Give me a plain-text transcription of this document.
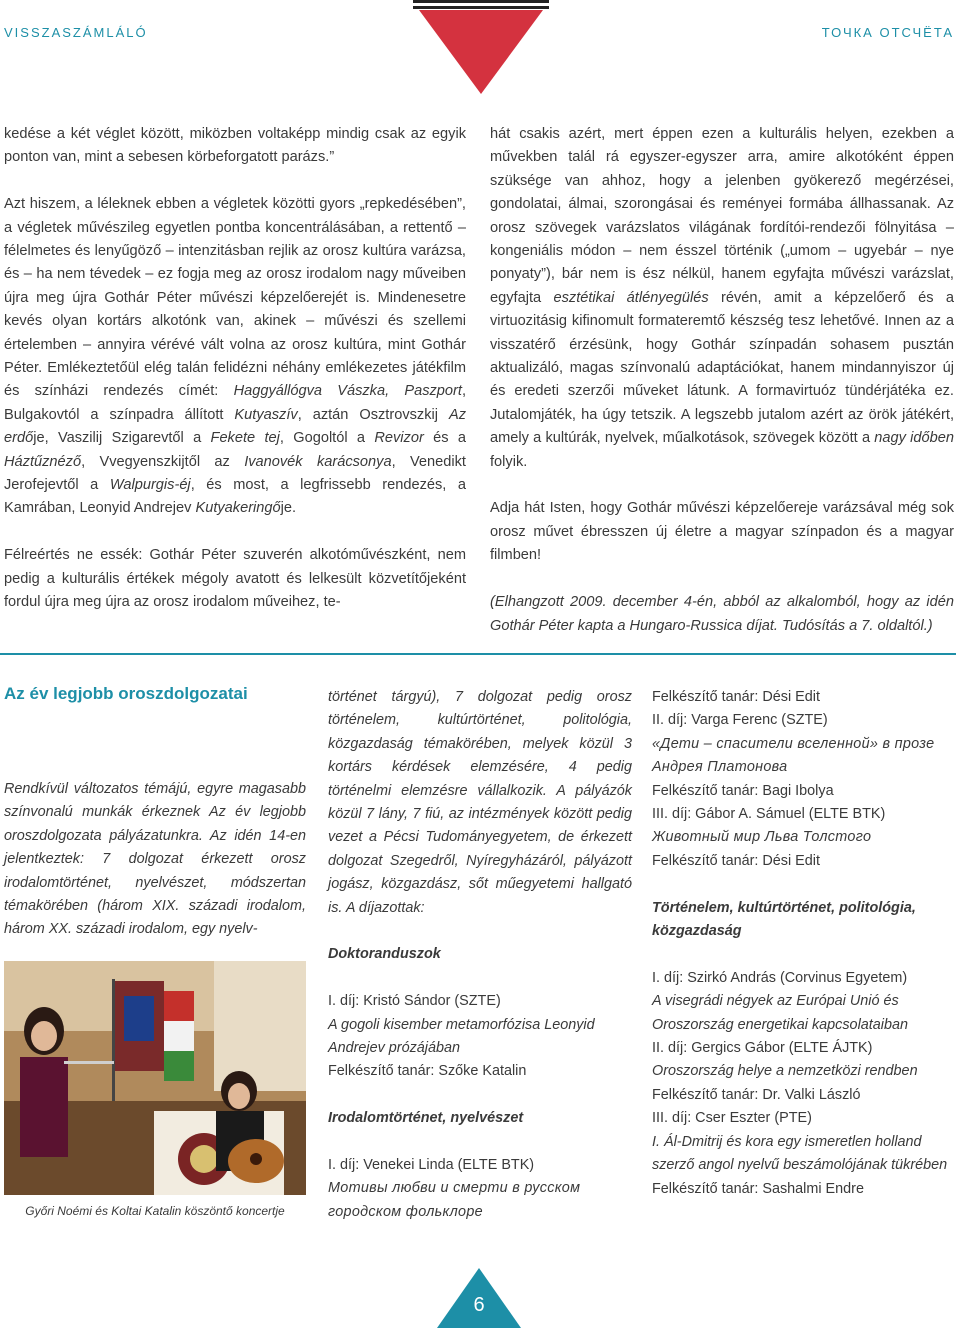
VISSZASZÁMLÁLÓ	ТОЧКА ОТСЧЁТА

kedése a két véglet között, miközben voltaképp mindig csak az egyik ponton van, mint a sebesen körbeforgatott parázs.”

Azt hiszem, a léleknek ebben a végletek közötti gyors „repkedésében”, a végletek művészileg egyetlen pontba koncentrálásában, a rettentő – félelmetes és lenyűgöző – intenzitásban rejlik az orosz kultúra varázsa, és – ha nem tévedek – ez fogja meg az orosz irodalom nagy műveiben újra meg újra Gothár Péter művészi képzelőerejét is. Mindenesetre kevés olyan kortárs alkotónk van, akinek – művészi és szellemi értelemben – annyira vérévé vált volna az orosz kultúra, mint Gothár Péter. Emlékeztetőül elég talán felidézni néhány emlékezetes játékfilm és színházi rendezés címét: Haggyállógva Vászka, Paszport, Bulgakovtól a színpadra állított Kutyaszív, aztán Osztrovszkij Az erdője, Vaszilij Szigarevtől a Fekete tej, Gogoltól a Revizor és a Háztűznéző, Vvegyenszkijtől az Ivanovék karácsonya, Venedikt Jerofejevtől a Walpurgis-éj, és most, a legfrissebb rendezés, a Kamrában, Leonyid Andrejev Kutyakeringője.

Félreértés ne essék: Gothár Péter szuverén alkotóművészként, nem pedig a kulturális értékek mégoly avatott és lelkesült közvetítőjeként fordul újra meg újra az orosz irodalom műveihez, te-

hát csakis azért, mert éppen ezen a kulturális helyen, ezekben a művekben talál rá egyszer-egyszer arra, amire alkotóként éppen szüksége van ahhoz, hogy a jelenben gyökerező megérzései, gondolatai, álmai, szorongásai és reményei formába állhassanak. Az orosz szövegek varázslatos világának fordítói-rendezői fölnyitása – kongeniális módon – nem ésszel történik („umom – ugyebár – nye ponyaty”), bár nem is ész nélkül, hanem egyfajta művészi varázslat, egyfajta esztétikai átlényegülés révén, amit a képzelőerő és a virtuozitásig kifinomult formateremtő készség tesz lehetővé. Innen az a visszatérő érzésünk, hogy Gothár színpadán sohasem pusztán aktualizáló, magas színvonalú adaptációkat, hanem mindannyiszor új és eredeti szerzői műveket látunk. A formavirtuóz tündérjátéka ez. Jutalomjáték, ha úgy tetszik. A legszebb jutalom azért az örök játékért, amely a kultúrák, nyelvek, műalkotások, szövegek között a nagy időben folyik.

Adja hát Isten, hogy Gothár művészi képzelőereje varázsával még sok orosz művet ébresszen új életre a magyar színpadon és a magyar filmben!

(Elhangzott 2009. december 4-én, abból az alkalomból, hogy az idén Gothár Péter kapta a Hungaro-Russica díjat. Tudósítás a 7. oldaltól.)

Az év legjobb oroszdolgozatai

Rendkívül változatos témájú, egyre magasabb színvonalú munkák érkeznek Az év legjobb oroszdolgozata pályázatunkra. Az idén 14-en jelentkeztek: 7 dolgozat érkezett orosz irodalomtörténet, nyelvészet, módszertan témakörében (három XIX. századi irodalom, három XX. századi irodalom, egy nyelv-

Győri Noémi és Koltai Katalin köszöntő koncertje

történet tárgyú), 7 dolgozat pedig orosz történelem, kultúrtörténet, politológia, közgazdaság témakörében, melyek közül 3 kortárs kérdések elemzésére, 4 pedig történelmi elemzésre vállalkozik. A pályázók közül 7 lány, 7 fiú, az intézmények között pedig vezet a Pécsi Tudományegyetem, de érkezett dolgozat Szegedről, Nyíregyházáról, pályázott jogász, közgazdász, sőt műegyetemi hallgató is. A díjazottak:

Doktoranduszok

I. díj: Kristó Sándor (SZTE)

A gogoli kisember metamorfózisa Leonyid Andrejev prózájában

Felkészítő tanár: Szőke Katalin

Irodalomtörténet, nyelvészet

I. díj: Venekei Linda (ELTE BTK)

Мотивы любви и смерти в русском городском фольклоре

Felkészítő tanár: Dési Edit

II. díj: Varga Ferenc (SZTE)

«Дети – спасители вселенной» в прозе Андрея Платонова

Felkészítő tanár: Bagi Ibolya

III. díj: Gábor A. Sámuel (ELTE BTK)

Животный мир Льва Толстого

Felkészítő tanár: Dési Edit

Történelem, kultúrtörténet, politológia, közgazdaság

I. díj: Szirkó András (Corvinus Egyetem)

A visegrádi négyek az Európai Unió és Oroszország energetikai kapcsolataiban

II. díj: Gergics Gábor (ELTE ÁJTK)

Oroszország helye a nemzetközi rendben

Felkészítő tanár: Dr. Valki László

III. díj: Cser Eszter (PTE)

I. Ál-Dmitrij és kora egy ismeretlen holland szerző angol nyelvű beszámolójának tükrében

Felkészítő tanár: Sashalmi Endre

6
